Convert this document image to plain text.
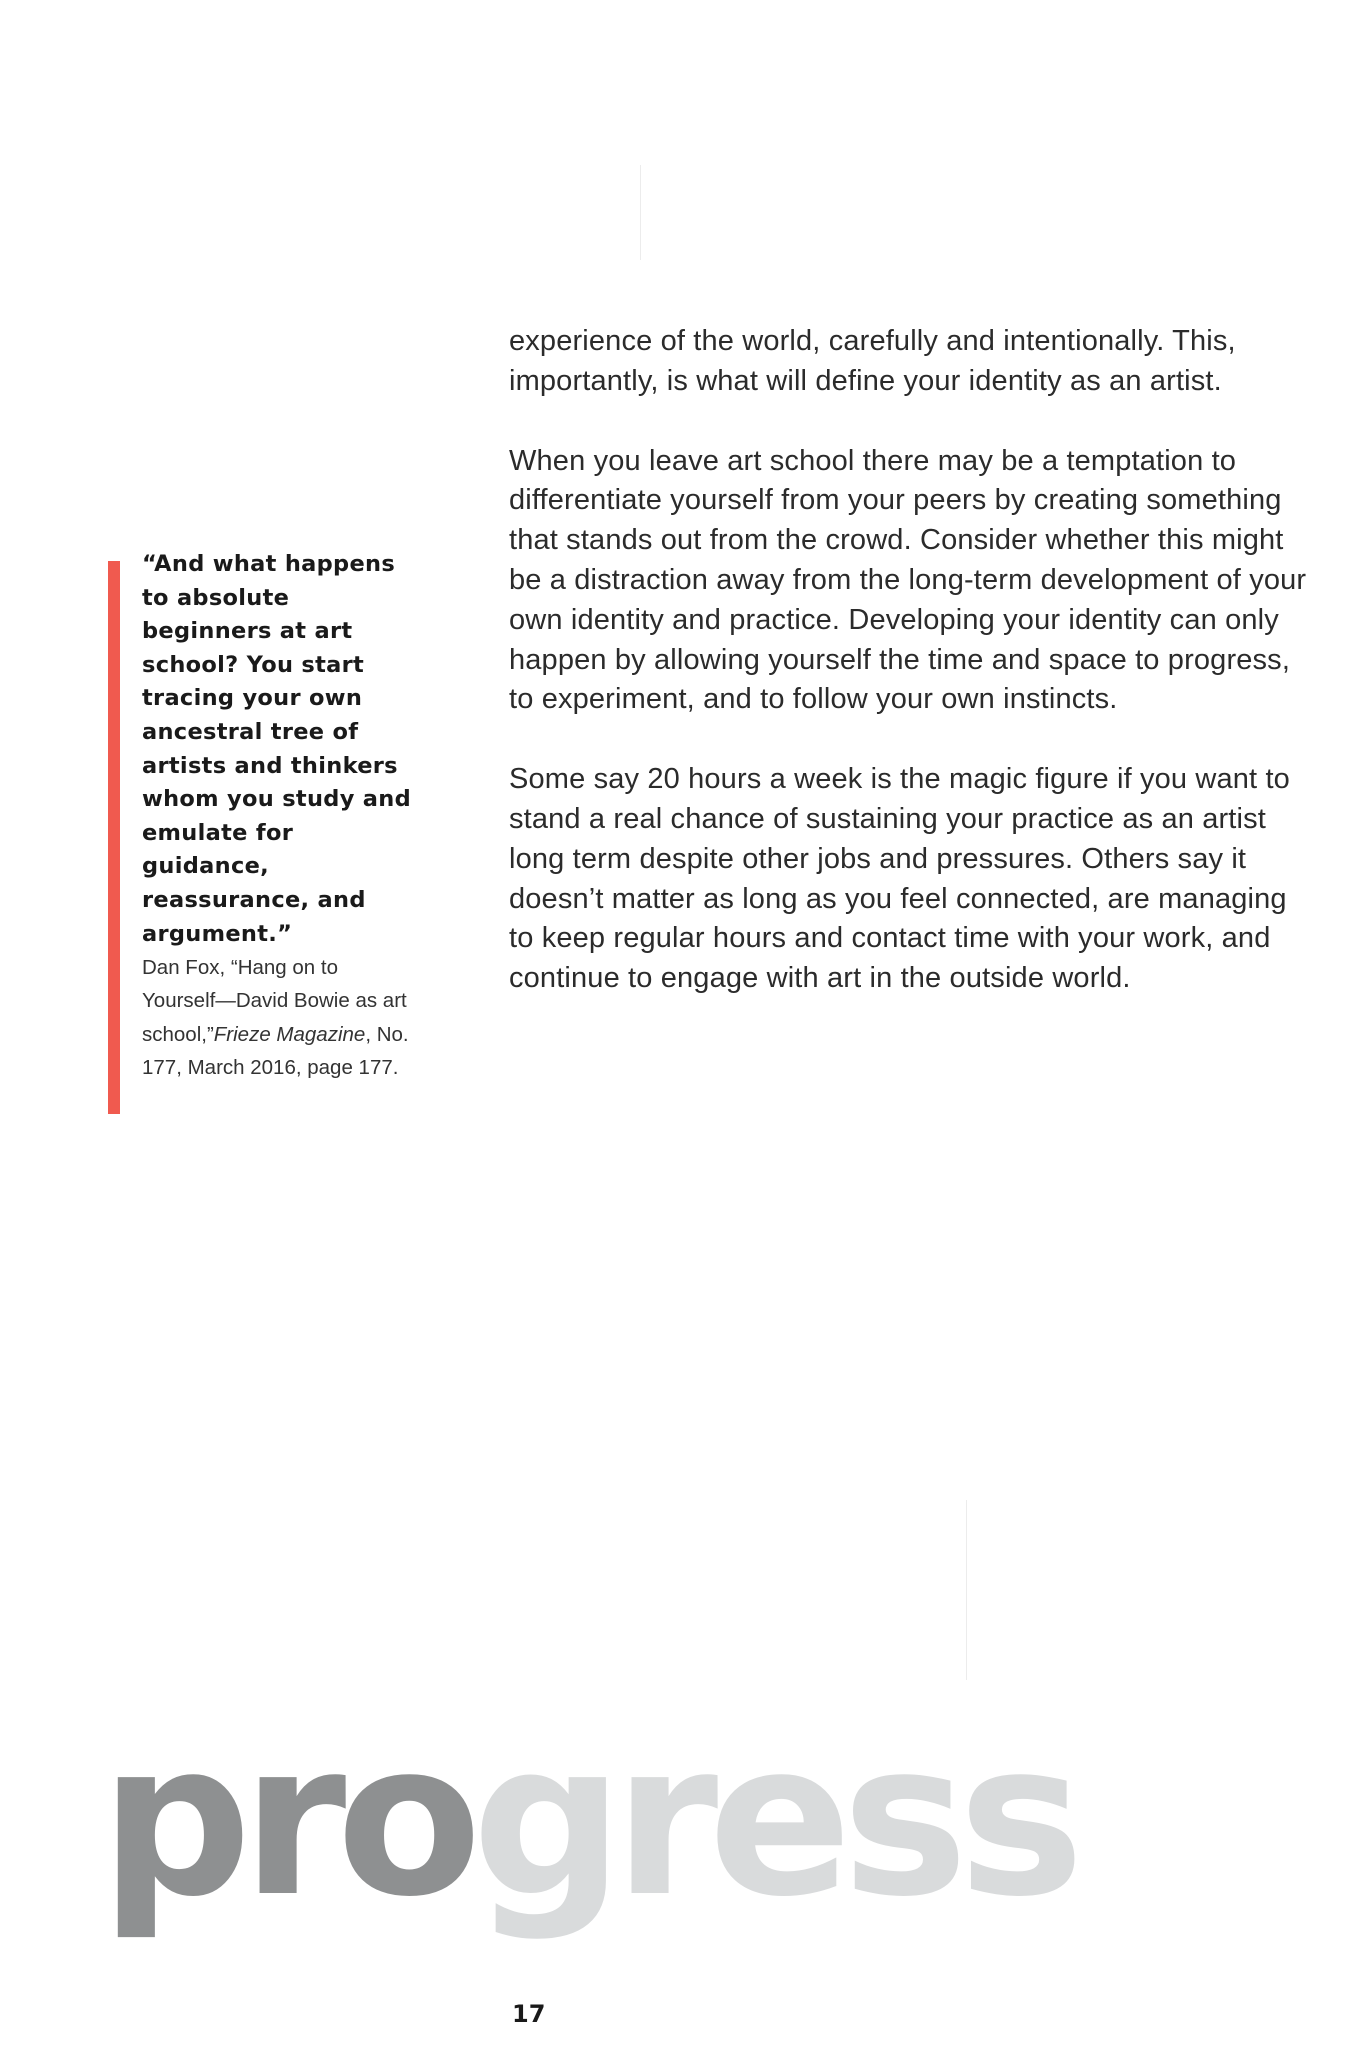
“And what happens to absolute beginners at art school? You start tracing your own ancestral tree of artists and thinkers whom you study and emulate for guidance, reassurance, and argument.”

Dan Fox, “Hang on to Yourself—David Bowie as art school,”Frieze Magazine, No. 177, March 2016, page 177.

experience of the world, carefully and intentionally. This, importantly, is what will define your identity as an artist.

When you leave art school there may be a temptation to differentiate yourself from your peers by creating something that stands out from the crowd. Consider whether this might be a distraction away from the long-term development of your own identity and practice. Developing your identity can only happen by allowing yourself the time and space to progress, to experiment, and to follow your own instincts.

Some say 20 hours a week is the magic figure if you want to stand a real chance of sustaining your practice as an artist long term despite other jobs and pressures. Others say it doesn’t matter as long as you feel connected, are managing to keep regular hours and contact time with your work, and continue to engage with art in the outside world.

progress
17
